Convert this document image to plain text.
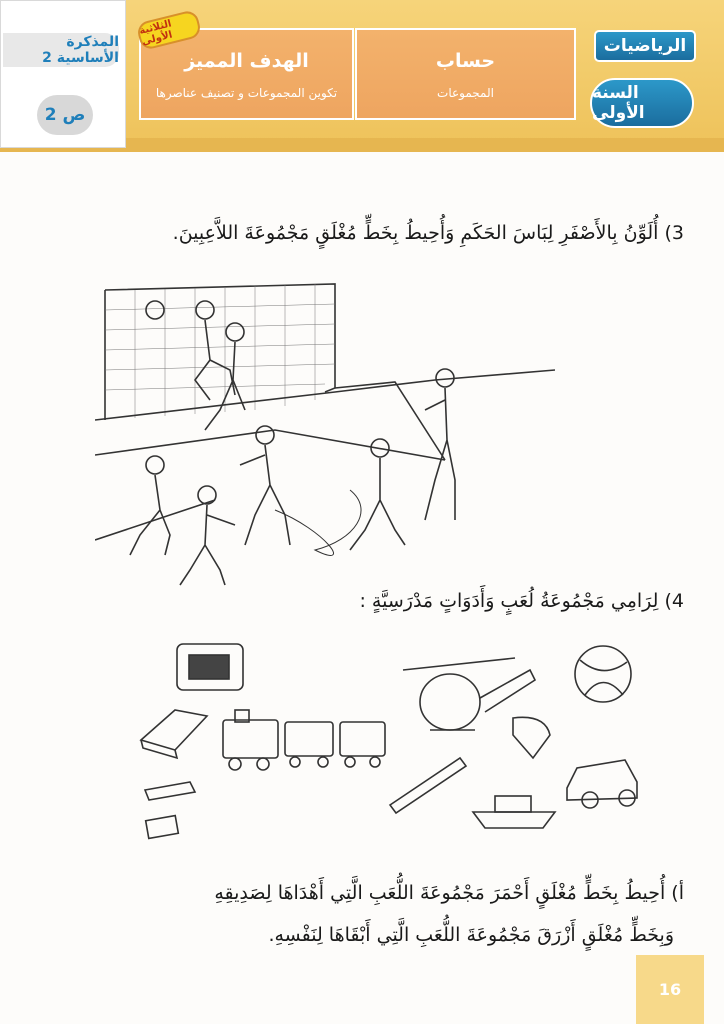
الرياضيات
السنة الأولى
حساب
المجموعات
الهدف المميز
تكوين المجموعات و تصنيف عناصرها
الثلاثية الأولى
المذكرة الأساسية 2
ص 2
3) أُلَوِّنُ بِالأَصْفَرِ لِبَاسَ الحَكَمِ وَأُحِيطُ بِخَطٍّ مُغْلَقٍ مَجْمُوعَةَ اللاَّعِبِينَ.
4) لِرَامِي مَجْمُوعَةُ لُعَبٍ وَأَدَوَاتٍ مَدْرَسِيَّةٍ :
أ) أُحِيطُ بِخَطٍّ مُغْلَقٍ أَحْمَرَ مَجْمُوعَةَ اللُّعَبِ الَّتِي أَهْدَاهَا لِصَدِيقِهِ
وَبِخَطٍّ مُغْلَقٍ أَزْرَقَ مَجْمُوعَةَ اللُّعَبِ الَّتِي أَبْقَاهَا لِنَفْسِهِ.
16
